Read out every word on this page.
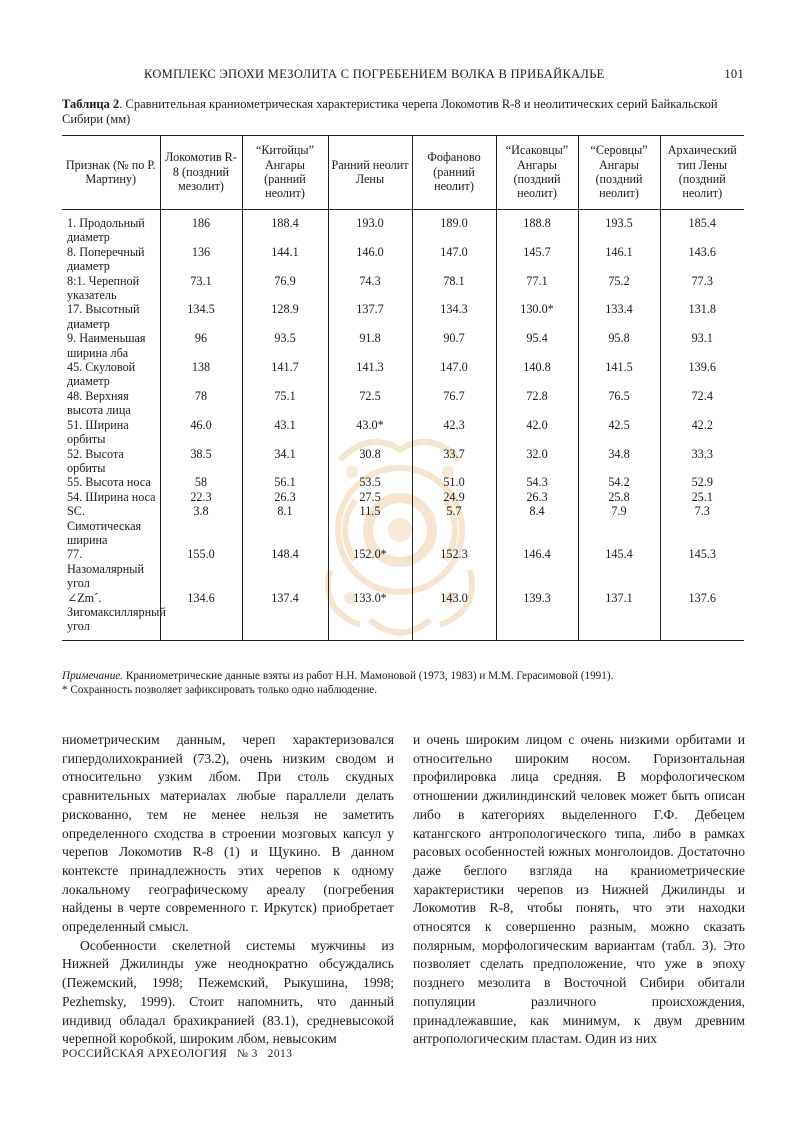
КОМПЛЕКС ЭПОХИ МЕЗОЛИТА С ПОГРЕБЕНИЕМ ВОЛКА В ПРИБАЙКАЛЬЕ	101
Таблица 2. Сравнительная краниометрическая характеристика черепа Локомотив R-8 и неолитических серий Байкальской Сибири (мм)
Признак (№ по Р. Мартину)	Локомотив R-8 (поздний мезолит)	“Китойцы” Ангары (ранний неолит)	Ранний неолит Лены	Фофаново (ранний неолит)	“Исаковцы” Ангары (поздний неолит)	“Серовцы” Ангары (поздний неолит)	Архаический тип Лены (поздний неолит)
1. Продольный диаметр	186	188.4	193.0	189.0	188.8	193.5	185.4
8. Поперечный диаметр	136	144.1	146.0	147.0	145.7	146.1	143.6
8:1. Черепной указатель	73.1	76.9	74.3	78.1	77.1	75.2	77.3
17. Высотный диаметр	134.5	128.9	137.7	134.3	130.0*	133.4	131.8
9. Наименьшая ширина лба	96	93.5	91.8	90.7	95.4	95.8	93.1
45. Скуловой диаметр	138	141.7	141.3	147.0	140.8	141.5	139.6
48. Верхняя высота лица	78	75.1	72.5	76.7	72.8	76.5	72.4
51. Ширина орбиты	46.0	43.1	43.0*	42.3	42.0	42.5	42.2
52. Высота орбиты	38.5	34.1	30.8	33.7	32.0	34.8	33.3
55. Высота носа	58	56.1	53.5	51.0	54.3	54.2	52.9
54. Ширина носа	22.3	26.3	27.5	24.9	26.3	25.8	25.1
SC. Симотическая ширина	3.8	8.1	11.5	5.7	8.4	7.9	7.3
77. Назомалярный угол	155.0	148.4	152.0*	152.3	146.4	145.4	145.3
∠Zm´. Зигомаксиллярный угол	134.6	137.4	133.0*	143.0	139.3	137.1	137.6
Примечание. Краниометрические данные взяты из работ Н.Н. Мамоновой (1973, 1983) и М.М. Герасимовой (1991).
* Сохранность позволяет зафиксировать только одно наблюдение.

ниометрическим данным, череп характеризовался гипердолихокранией (73.2), очень низким сводом и относительно узким лбом. При столь скудных сравнительных материалах любые параллели делать рискованно, тем не менее нельзя не заметить определенного сходства в строении мозговых капсул у черепов Локомотив R-8 (1) и Щукино. В данном контексте принадлежность этих черепов к одному локальному географическому ареалу (погребения найдены в черте современного г. Иркутск) приобретает определенный смысл.

Особенности скелетной системы мужчины из Нижней Джилинды уже неоднократно обсуждались (Пежемский, 1998; Пежемский, Рыкушина, 1998; Pezhemsky, 1999). Стоит напомнить, что данный индивид обладал брахикранией (83.1), средневысокой черепной коробкой, широким лбом, невысоким

и очень широким лицом с очень низкими орбитами и относительно широким носом. Горизонтальная профилировка лица средняя. В морфологическом отношении джилиндинский человек может быть описан либо в категориях выделенного Г.Ф. Дебецем катангского антропологического типа, либо в рамках расовых особенностей южных монголоидов. Достаточно даже беглого взгляда на краниометрические характеристики черепов из Нижней Джилинды и Локомотив R-8, чтобы понять, что эти находки относятся к совершенно разным, можно сказать полярным, морфологическим вариантам (табл. 3). Это позволяет сделать предположение, что уже в эпоху позднего мезолита в Восточной Сибири обитали популяции различного происхождения, принадлежавшие, как минимум, к двум древним антропологическим пластам. Один из них

РОССИЙСКАЯ АРХЕОЛОГИЯ № 3 2013
